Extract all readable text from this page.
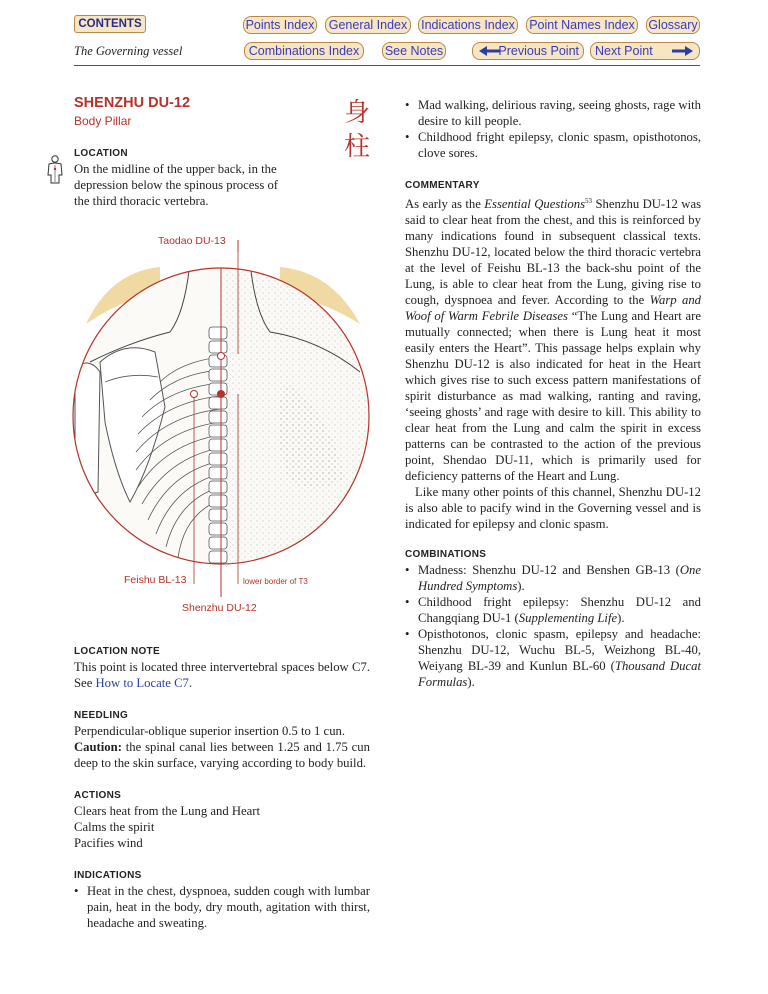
CONTENTS	Points Index General Index Indications Index Point Names Index Glossary
Combinations Index	See Notes	Previous Point Next Point
The Governing vessel
SHENZHU DU-12
Body Pillar	身
柱
LOCATION
On the midline of the upper back, in the depression below the spinous process of the third thoracic vertebra.
Taodao DU-13
Feishu BL-13	lower border of T3
Shenzhu DU-12
LOCATION NOTE
This point is located three intervertebral spaces below C7. See How to Locate C7.
NEEDLING
Perpendicular-oblique superior insertion 0.5 to 1 cun.
Caution: the spinal canal lies between 1.25 and 1.75 cun deep to the skin surface, varying according to body build.
ACTIONS
Clears heat from the Lung and Heart
Calms the spirit
Pacifies wind
INDICATIONS
• Heat in the chest, dyspnoea, sudden cough with lumbar pain, heat in the body, dry mouth, agitation with thirst, headache and sweating.
• Mad walking, delirious raving, seeing ghosts, rage with desire to kill people.
• Childhood fright epilepsy, clonic spasm, opisthotonos, clove sores.
COMMENTARY
As early as the Essential Questions$^{53}$ Shenzhu DU-12 was said to clear heat from the chest, and this is reinforced by many indications found in subsequent classical texts. Shenzhu DU-12, located below the third thoracic vertebra at the level of Feishu BL-13 the back-shu point of the Lung, is able to clear heat from the Lung, giving rise to cough, dyspnoea and fever. According to the Warp and Woof of Warm Febrile Diseases “The Lung and Heart are mutually connected; when there is Lung heat it most easily enters the Heart”. This passage helps explain why Shenzhu DU-12 is also indicated for heat in the Heart which gives rise to such excess pattern manifestations of spirit disturbance as mad walking, ranting and raving, ‘seeing ghosts’ and rage with desire to kill. This ability to clear heat from the Lung and calm the spirit in excess patterns can be contrasted to the action of the previous point, Shendao DU-11, which is primarily used for deficiency patterns of the Heart and Lung.
Like many other points of this channel, Shenzhu DU-12 is also able to pacify wind in the Governing vessel and is indicated for epilepsy and clonic spasm.
COMBINATIONS
• Madness: Shenzhu DU-12 and Benshen GB-13 (One Hundred Symptoms).
• Childhood fright epilepsy: Shenzhu DU-12 and Changqiang DU-1 (Supplementing Life).
• Opisthotonos, clonic spasm, epilepsy and headache: Shenzhu DU-12, Wuchu BL-5, Weizhong BL-40, Weiyang BL-39 and Kunlun BL-60 (Thousand Ducat Formulas).
